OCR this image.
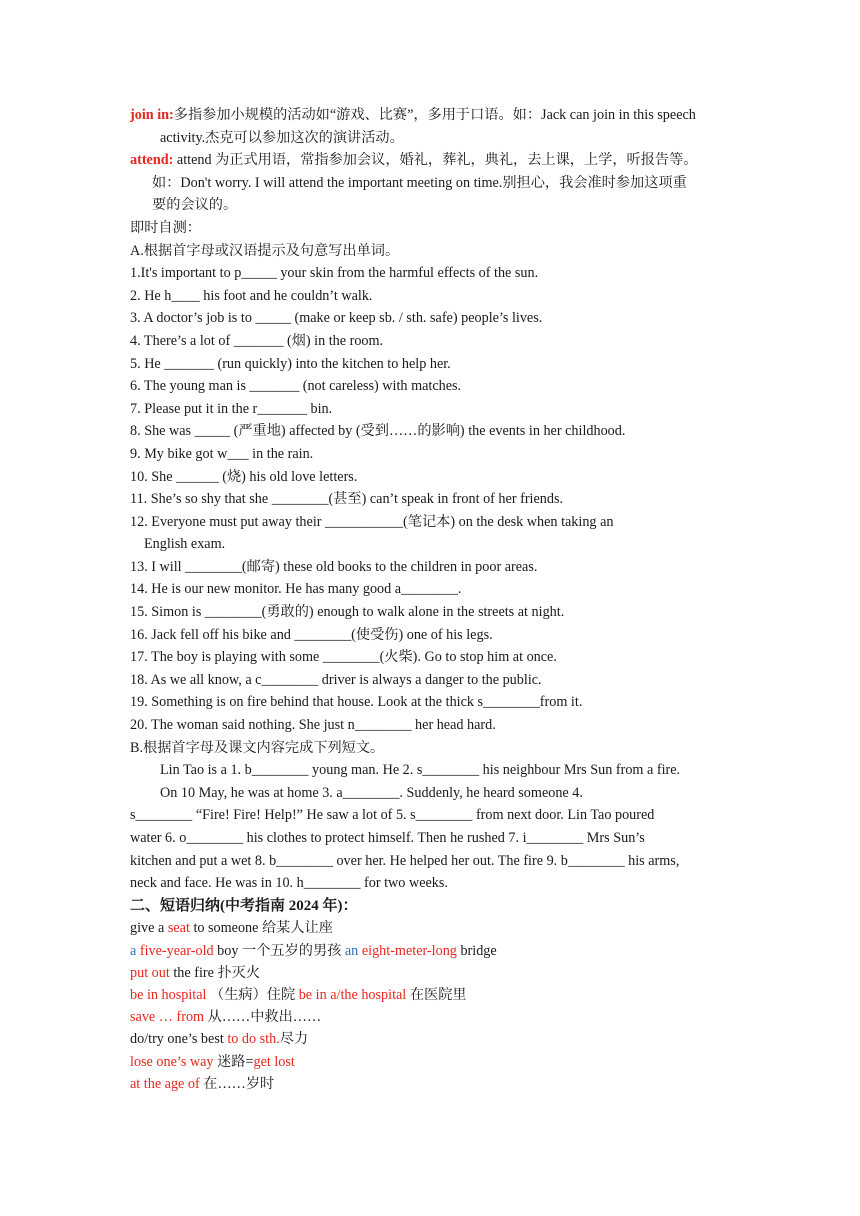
join in:多指参加小规模的活动如“游戏、比赛”，多用于口语。如：Jack can join in this speech

activity.杰克可以参加这次的演讲活动。

attend: attend 为正式用语，常指参加会议，婚礼，葬礼，典礼，去上课，上学，听报告等。

如：Don't worry. I will attend the important meeting on time.别担心，我会准时参加这项重

要的会议的。

即时自测：

A.根据首字母或汉语提示及句意写出单词。

1.It's important to p_____ your skin from the harmful effects of the sun.

2. He h____ his foot and he couldn’t walk.

3. A doctor’s job is to _____ (make or keep sb. / sth. safe) people’s lives.

4. There’s a lot of _______ (烟) in the room.

5. He _______ (run quickly) into the kitchen to help her.

6. The young man is _______ (not careless) with matches.

7. Please put it in the r_______ bin.

8. She was _____ (严重地) affected by (受到……的影响) the events in her childhood.

9. My bike got w___ in the rain.

10. She ______ (烧) his old love letters.

11. She’s so shy that she ________(甚至) can’t speak in front of her friends.

12. Everyone must put away their ___________(笔记本) on the desk when taking an

English exam.

13. I will ________(邮寄) these old books to the children in poor areas.

14. He is our new monitor. He has many good a________.

15. Simon is ________(勇敢的) enough to walk alone in the streets at night.

16. Jack fell off his bike and ________(使受伤) one of his legs.

17. The boy is playing with some ________(火柴). Go to stop him at once.

18. As we all know, a c________ driver is always a danger to the public.

19. Something is on fire behind that house. Look at the thick s________from it.

20. The woman said nothing. She just n________ her head hard.

B.根据首字母及课文内容完成下列短文。

Lin Tao is a 1. b________ young man. He 2. s________ his neighbour Mrs Sun from a fire.

On 10 May, he was at home 3. a________. Suddenly, he heard someone 4.

s________ “Fire! Fire! Help!” He saw a lot of 5. s________ from next door. Lin Tao poured

water 6. o________ his clothes to protect himself. Then he rushed 7. i________ Mrs Sun’s

kitchen and put a wet 8. b________ over her. He helped her out. The fire 9. b________ his arms,

neck and face. He was in 10. h________ for two weeks.

二、短语归纳(中考指南 2024 年)：

give a seat to someone 给某人让座

a five-year-old boy 一个五岁的男孩 an eight-meter-long bridge

put out the fire 扑灭火

be in hospital （生病）住院 be in a/the hospital 在医院里

save … from 从……中救出……

do/try one’s best to do sth.尽力

lose one’s way 迷路=get lost

at the age of 在……岁时
